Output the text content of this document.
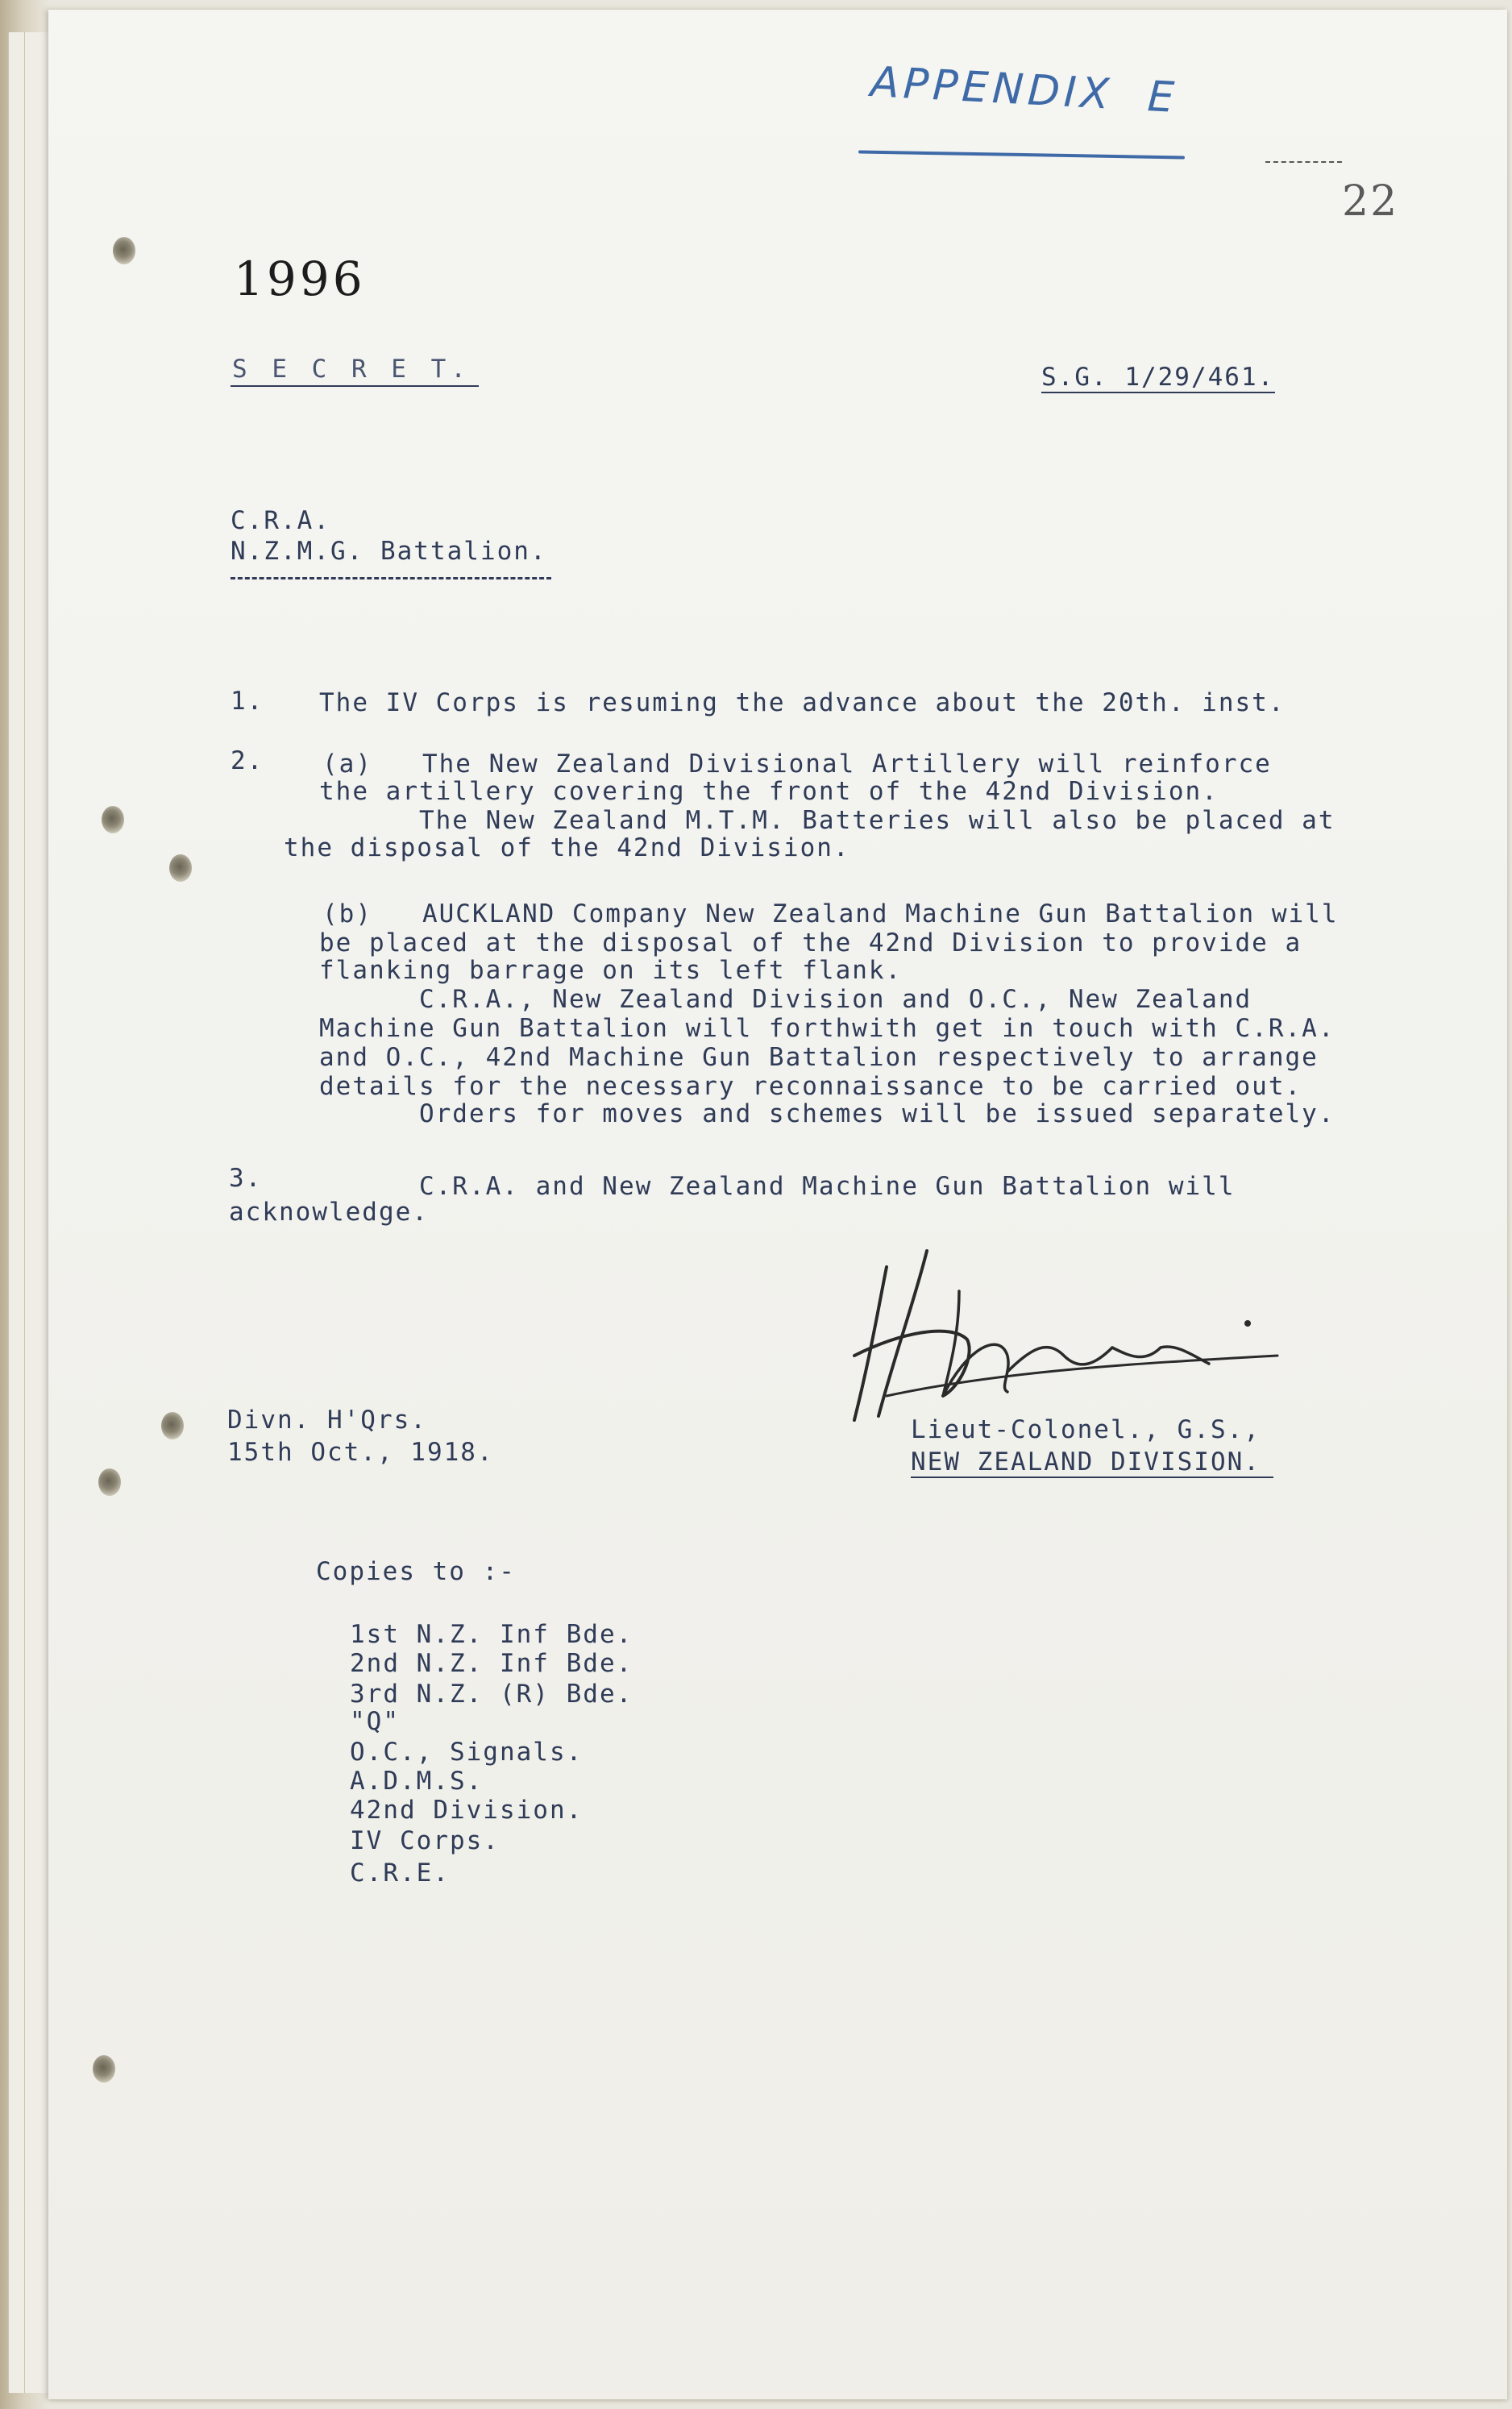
APPENDIX  E
22
1996
S E C R E T.	S.G. 1/29/461.
C.R.A.
N.Z.M.G. Battalion.
1. The IV Corps is resuming the advance about the 20th. inst.
2. (a)   The New Zealand Divisional Artillery will reinforce
the artillery covering the front of the 42nd Division.
The New Zealand M.T.M. Batteries will also be placed at
the disposal of the 42nd Division.
(b)   AUCKLAND Company New Zealand Machine Gun Battalion will
be placed at the disposal of the 42nd Division to provide a
flanking barrage on its left flank.
C.R.A., New Zealand Division and O.C., New Zealand
Machine Gun Battalion will forthwith get in touch with C.R.A.
and O.C., 42nd Machine Gun Battalion respectively to arrange
details for the necessary reconnaissance to be carried out.
Orders for moves and schemes will be issued separately.
3. C.R.A. and New Zealand Machine Gun Battalion will
acknowledge.
Divn. H'Qrs.
15th Oct., 1918.
Lieut-Colonel., G.S.,
NEW ZEALAND DIVISION.
Copies to :-
1st N.Z. Inf Bde.
2nd N.Z. Inf Bde.
3rd N.Z. (R) Bde.
"Q"
O.C., Signals.
A.D.M.S.
42nd Division.
IV Corps.
C.R.E.
